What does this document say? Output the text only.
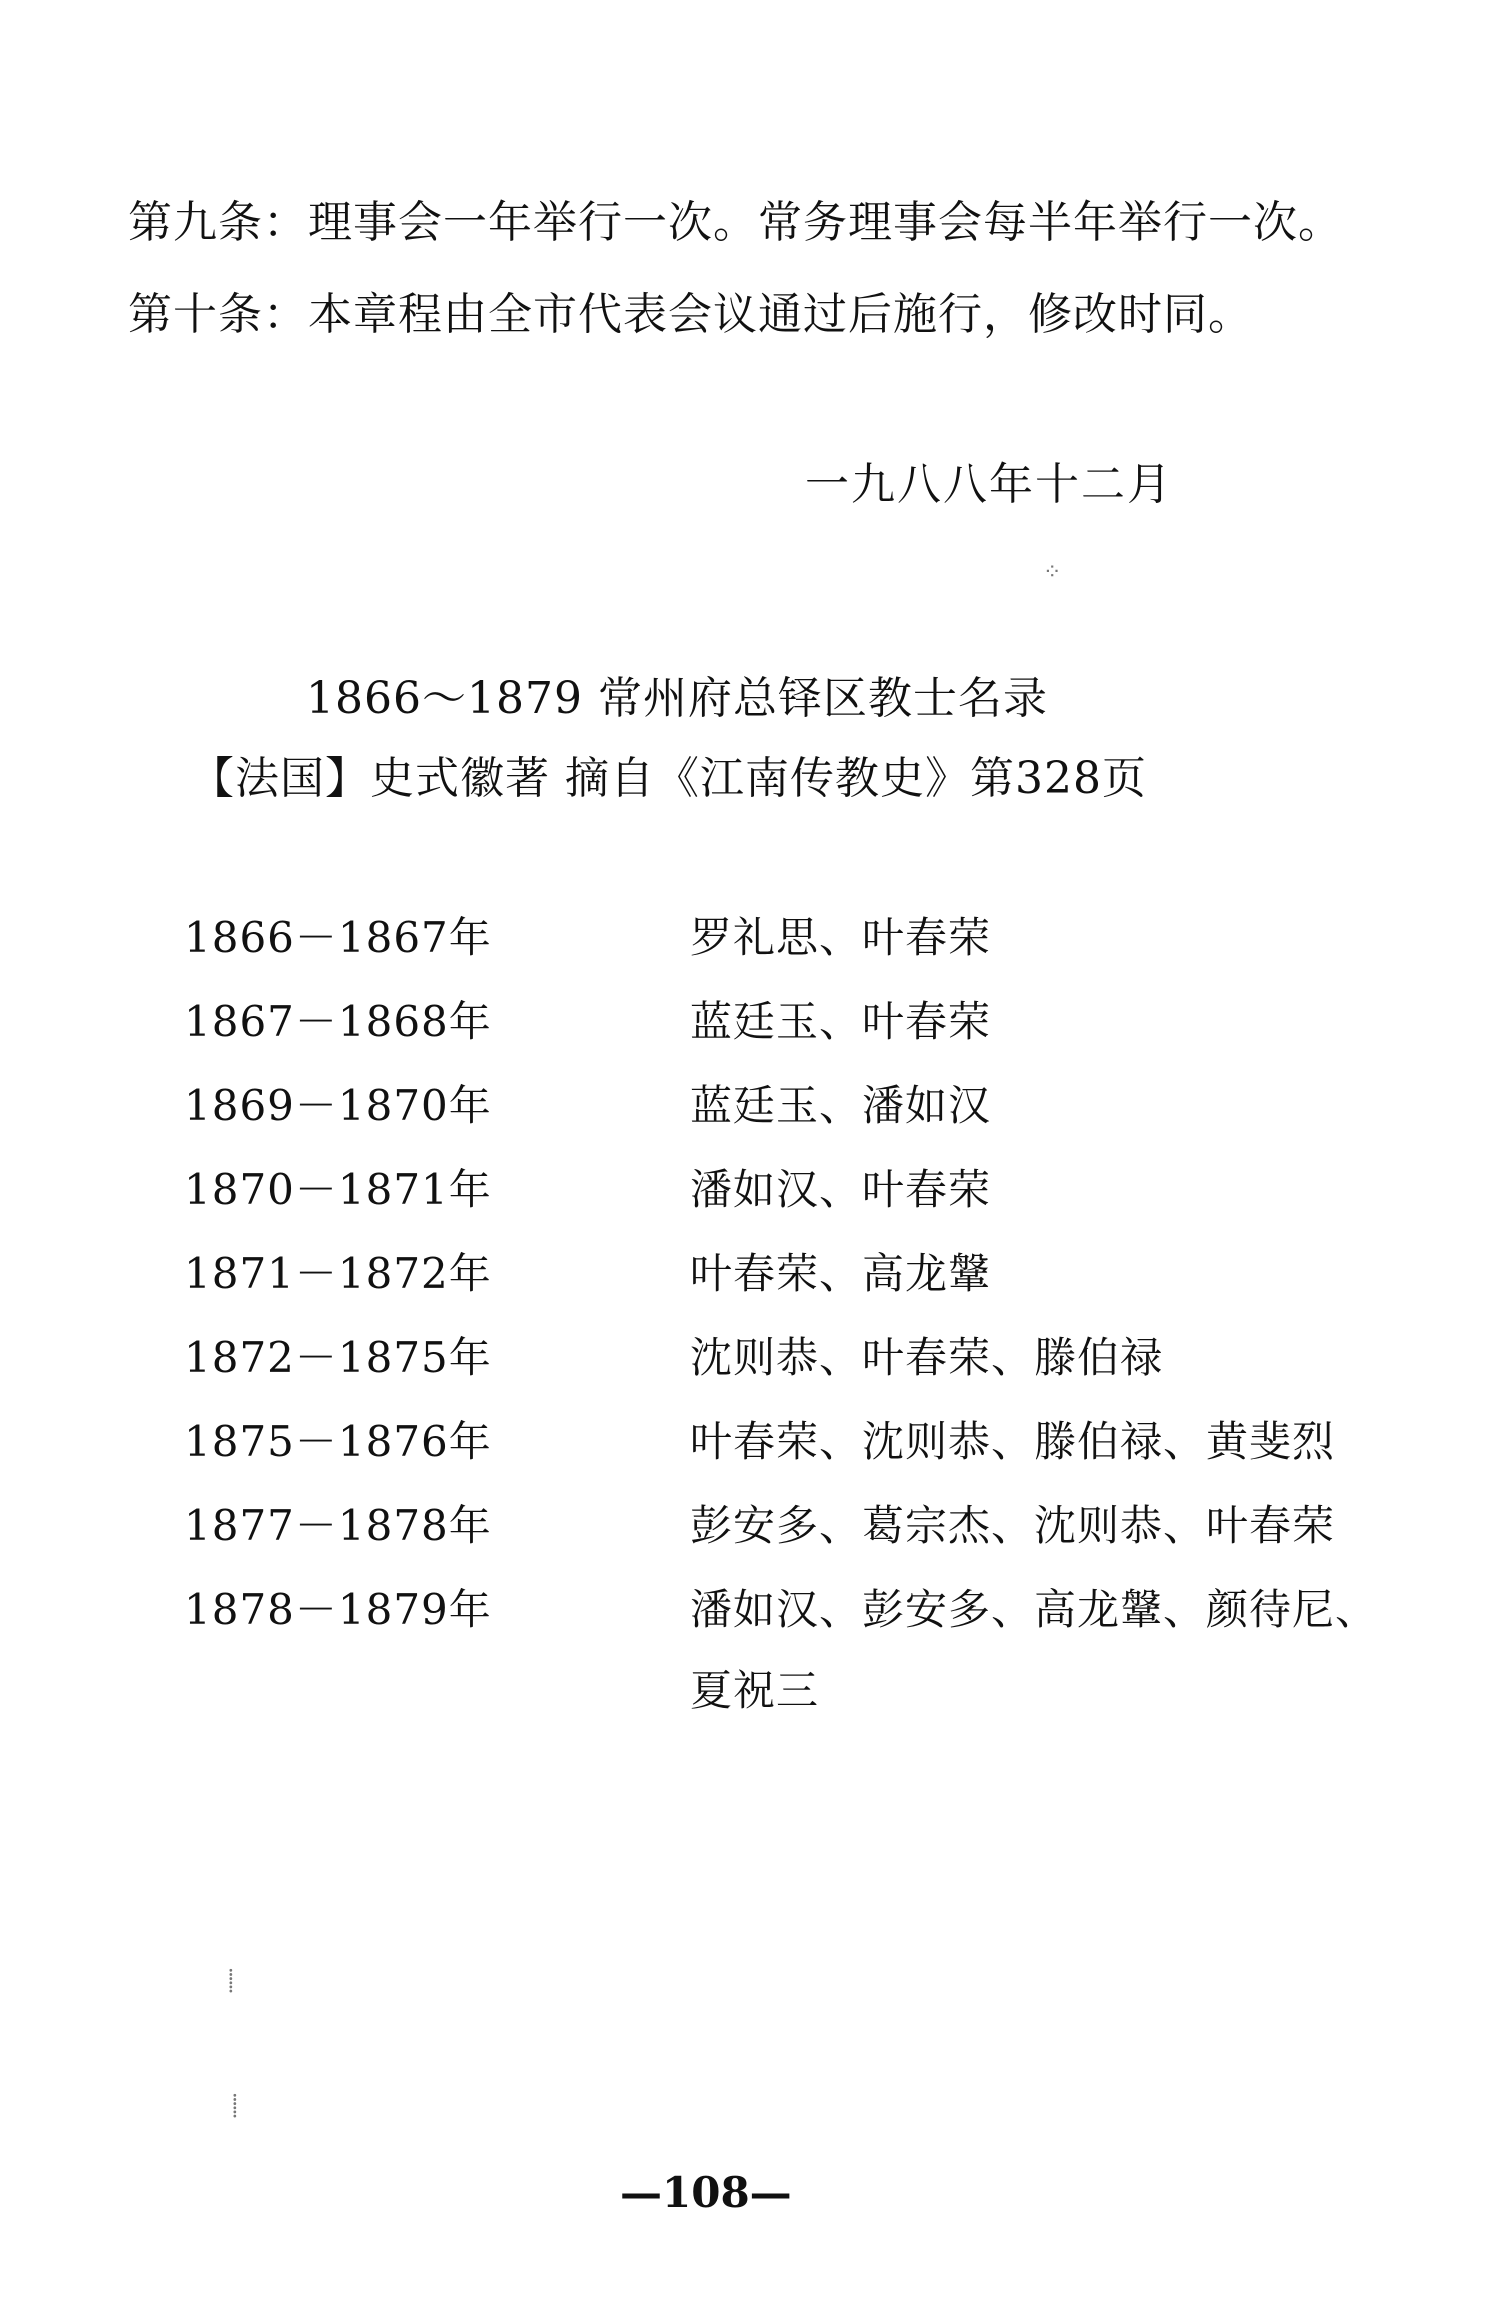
第九条：理事会一年举行一次。常务理事会每半年举行一次。
第十条：本章程由全市代表会议通过后施行，修改时同。
一九八八年十二月
⁘
1866～1879 常州府总铎区教士名录
【法国】史式徽著 摘自《江南传教史》第328页
1866－1867年	罗礼思、叶春荣
1867－1868年	蓝廷玉、叶春荣
1869－1870年	蓝廷玉、潘如汉
1870－1871年	潘如汉、叶春荣
1871－1872年	叶春荣、高龙鞶
1872－1875年	沈则恭、叶春荣、滕伯禄
1875－1876年	叶春荣、沈则恭、滕伯禄、黄斐烈
1877－1878年	彭安多、葛宗杰、沈则恭、叶春荣
1878－1879年	潘如汉、彭安多、高龙鞶、颜待尼、
夏祝三
⸽
⸽
—108—
